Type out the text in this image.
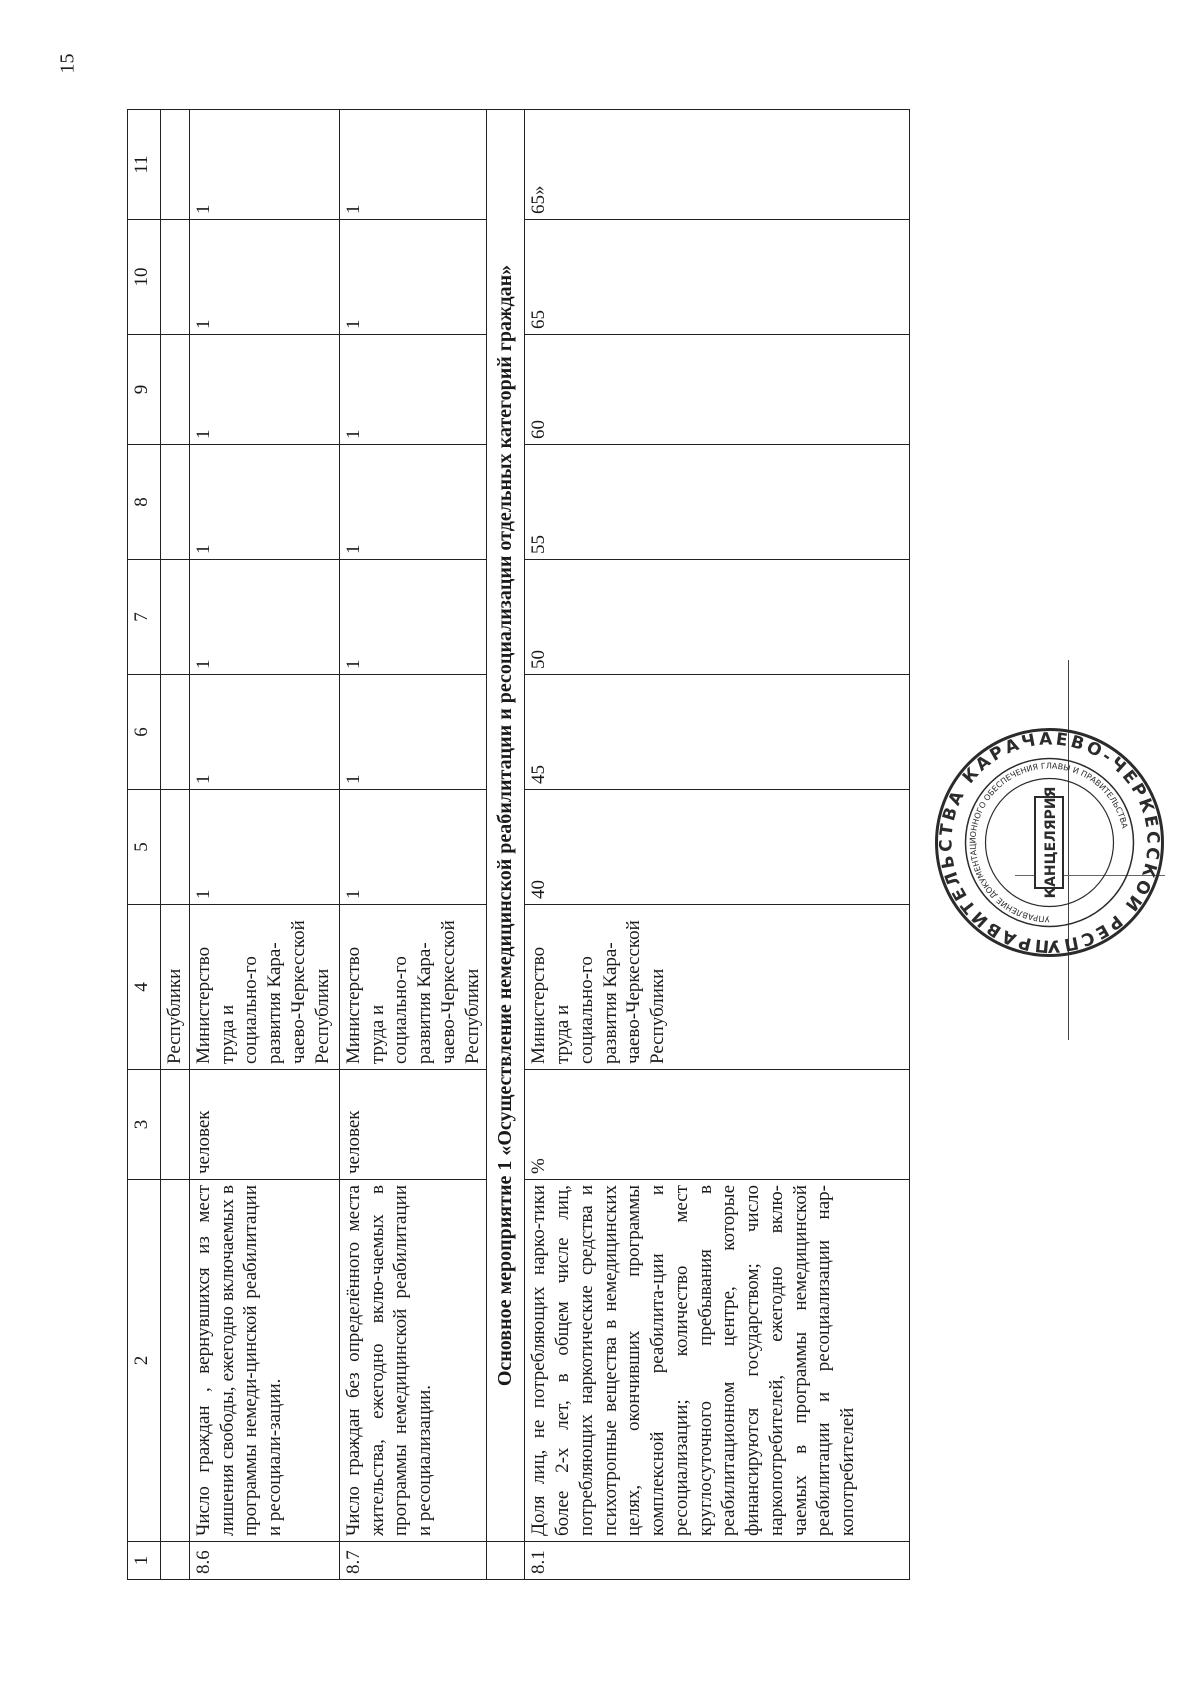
15
1	2	3	4	5	6	7	8	9	10	11
			Республики							
8.6	Число граждан , вернувшихся из мест лишения свободы, ежегодно включаемых в программы немеди-цинской реабилитации и ресоциали-зации.	человек	Министерство труда и социально-го развития Кара-чаево-Черкесской Республики	1	1	1	1	1	1	1
8.7	Число граждан без определённого места жительства, ежегодно вклю-чаемых в программы немедицинской реабилитации и ресоциализации.	человек	Министерство труда и социально-го развития Кара-чаево-Черкесской Республики	1	1	1	1	1	1	1
	Основное мероприятие 1 «Осуществление немедицинской реабилитации и ресоциализации отдельных категорий граждан»									
8.1	Доля лиц, не потребляющих нарко-тики более 2-х лет, в общем числе лиц, потребляющих наркотические средства и психотропные вещества в немедицинских целях, окончивших программы комплексной реабилита-ции и ресоциализации; количество мест круглосуточного пребывания в реабилитационном центре, которые финансируются государством; число наркопотребителей, ежегодно вклю-чаемых в программы немедицинской реабилитации и ресоциализации нар-копотребителей	%	Министерство труда и социально-го развития Кара-чаево-Черкесской Республики	40	45	50	55	60	65	65»
ПРАВИТЕЛЬСТВА КАРАЧАЕВО-ЧЕРКЕССКОЙ РЕСПУ
УПРАВЛЕНИЕ ДОКУМЕНТАЦИОННОГО ОБЕСПЕЧЕНИЯ ГЛАВЫ И ПРАВИТЕЛЬСТВА
КАНЦЕЛЯРИЯ
